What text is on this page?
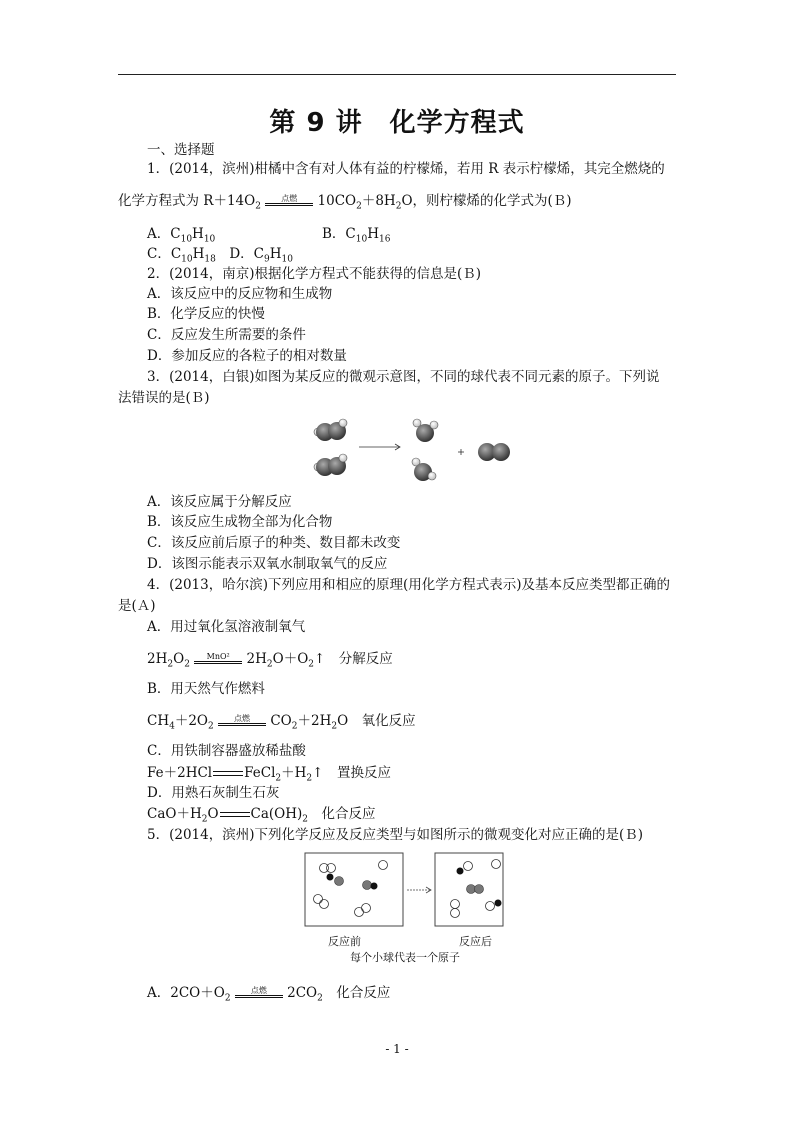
第 9 讲　化学方程式
一、选择题
1．(2014，滨州)柑橘中含有对人体有益的柠檬烯，若用 R 表示柠檬烯，其完全燃烧的
化学方程式为 $R+14O_2$
点燃	$10CO_2+8H_2O$，则柠檬烯的化学式为(Ｂ)
A．$C_{10}H_{10}$	B．$C_{10}H_{16}$
C．$C_{10}H_{18}$　 D．$C_9H_{10}$
2．(2014，南京)根据化学方程式不能获得的信息是(Ｂ)
A．该反应中的反应物和生成物
B．化学反应的快慢
C．反应发生所需要的条件
D．参加反应的各粒子的相对数量
3．(2014，白银)如图为某反应的微观示意图，不同的球代表不同元素的原子。下列说
法错误的是(Ｂ)
A．该反应属于分解反应
B．该反应生成物全部为化合物
C．该反应前后原子的种类、数目都未改变
D．该图示能表示双氧水制取氧气的反应
4．(2013，哈尔滨)下列应用和相应的原理(用化学方程式表示)及基本反应类型都正确的
是(Ａ)
A．用过氧化氢溶液制氧气
$2H_2O_2$
MnO²	$2H_2O+O_2↑$　分解反应
B．用天然气作燃料
$CH_4+2O_2$
点燃	$CO_2+2H_2O$　氧化反应
C．用铁制容器盛放稀盐酸
Fe＋2HCl $FeCl_2+H_2↑$　置换反应
D．用熟石灰制生石灰
$CaO+H_2O$ $Ca(OH)_2$　 化合反应
5．(2014，滨州)下列化学反应及反应类型与如图所示的微观变化对应正确的是(Ｂ)
反应前	反应后
每个小球代表一个原子
A．$2CO+O_2$
点燃	$2CO_2$　 化合反应
- 1 -
